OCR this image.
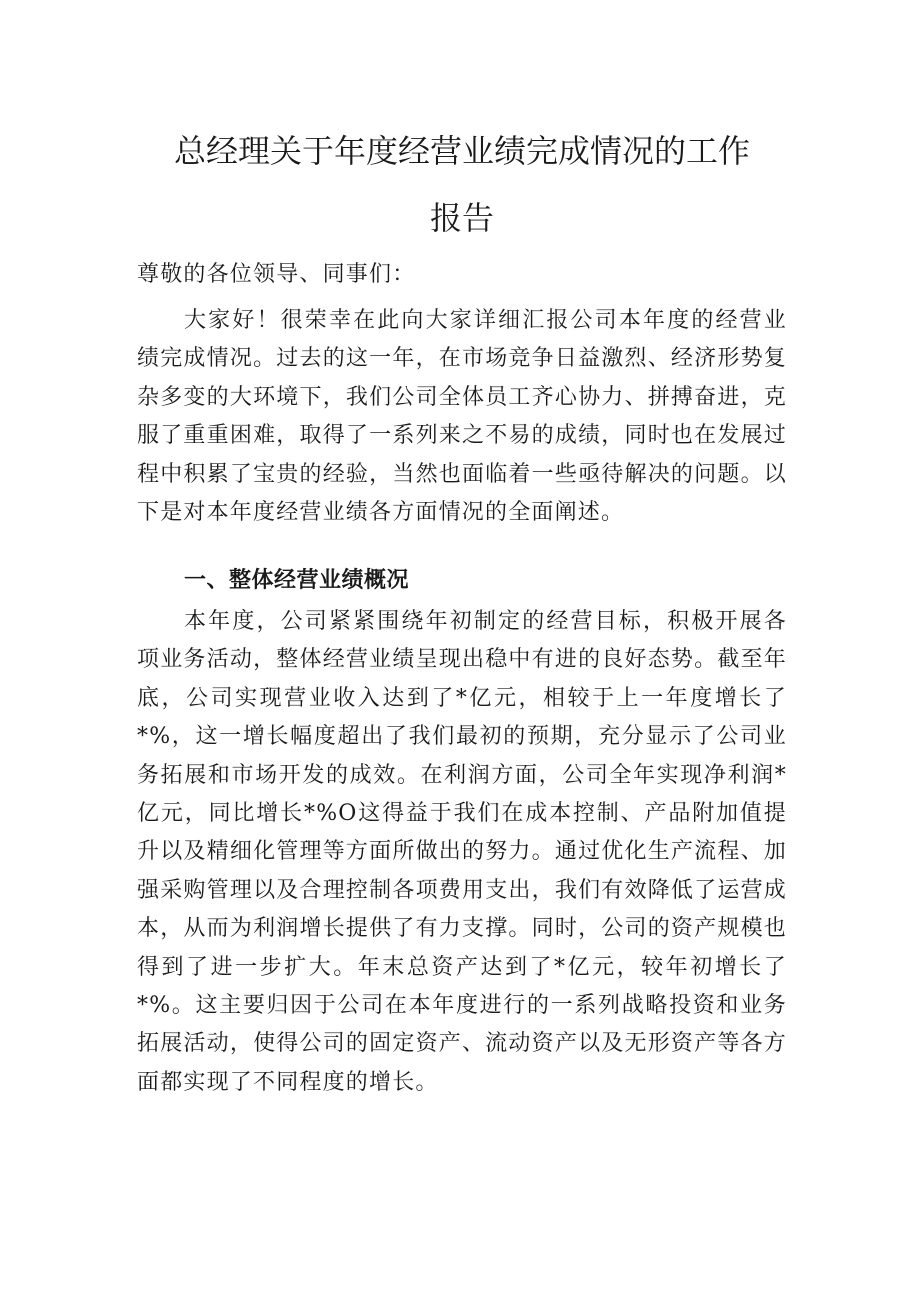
总经理关于年度经营业绩完成情况的工作
报告

尊敬的各位领导、同事们：

大家好！很荣幸在此向大家详细汇报公司本年度的经营业绩完成情况。过去的这一年，在市场竞争日益激烈、经济形势复杂多变的大环境下，我们公司全体员工齐心协力、拼搏奋进，克服了重重困难，取得了一系列来之不易的成绩，同时也在发展过程中积累了宝贵的经验，当然也面临着一些亟待解决的问题。以下是对本年度经营业绩各方面情况的全面阐述。

一、整体经营业绩概况

本年度，公司紧紧围绕年初制定的经营目标，积极开展各项业务活动，整体经营业绩呈现出稳中有进的良好态势。截至年底，公司实现营业收入达到了*亿元，相较于上一年度增长了*%，这一增长幅度超出了我们最初的预期，充分显示了公司业务拓展和市场开发的成效。在利润方面，公司全年实现净利润*亿元，同比增长*%O这得益于我们在成本控制、产品附加值提升以及精细化管理等方面所做出的努力。通过优化生产流程、加强采购管理以及合理控制各项费用支出，我们有效降低了运营成本，从而为利润增长提供了有力支撑。同时，公司的资产规模也得到了进一步扩大。年末总资产达到了*亿元，较年初增长了*%。这主要归因于公司在本年度进行的一系列战略投资和业务拓展活动，使得公司的固定资产、流动资产以及无形资产等各方面都实现了不同程度的增长。
